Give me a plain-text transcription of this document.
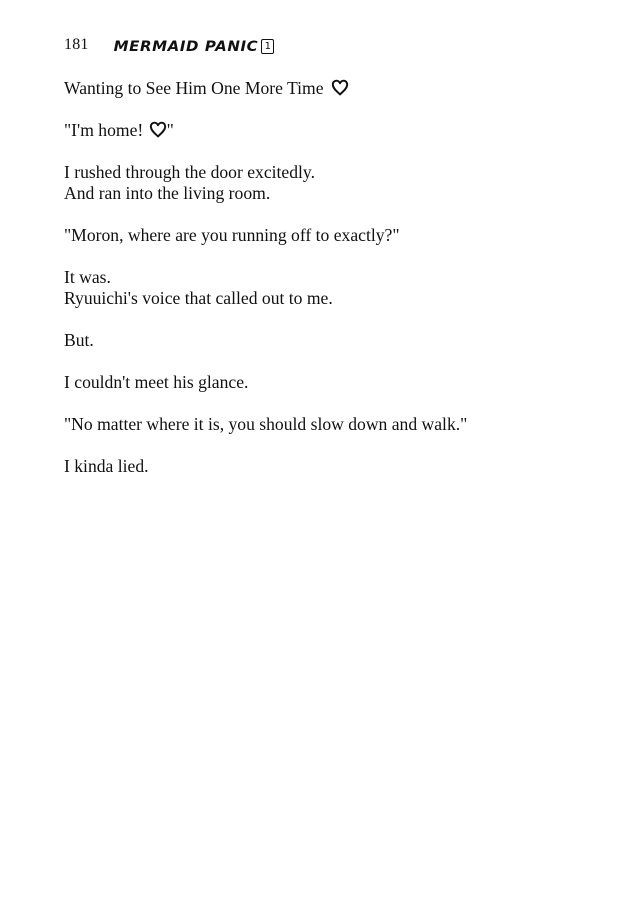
181 MERMAID PANIC 1

Wanting to See Him One More Time

"I'm home!
"

I rushed through the door excitedly.
And ran into the living room.

"Moron, where are you running off to exactly?"

It was.
Ryuuichi's voice that called out to me.

But.

I couldn't meet his glance.

"No matter where it is, you should slow down and walk."

I kinda lied.
